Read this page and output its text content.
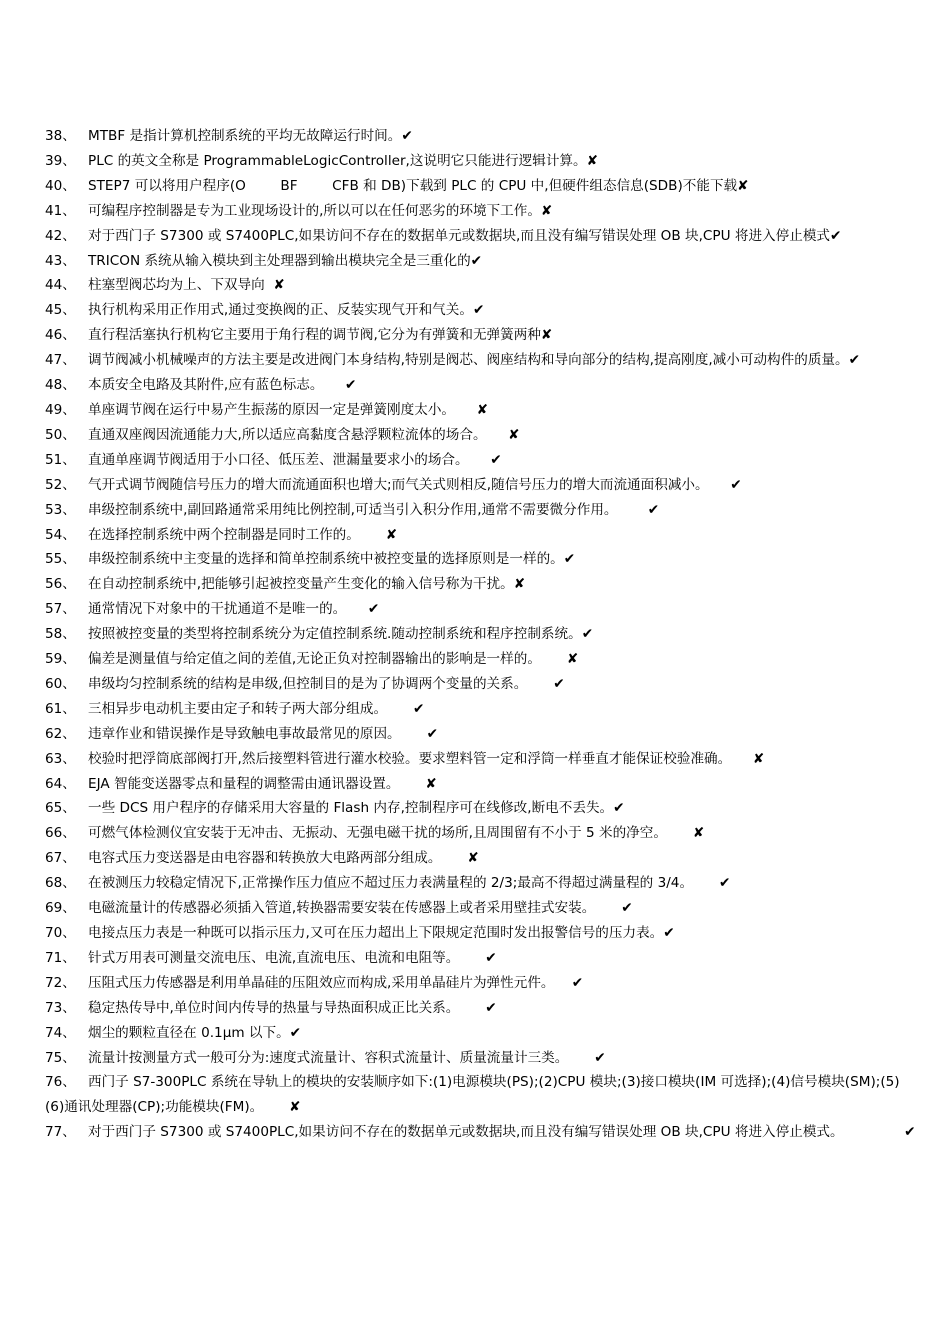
38、 MTBF 是指计算机控制系统的平均无故障运行时间。✔
39、 PLC 的英文全称是 ProgrammableLogicController,这说明它只能进行逻辑计算。✘
40、 STEP7 可以将用户程序(O        BF        CFB 和 DB)下载到 PLC 的 CPU 中,但硬件组态信息(SDB)不能下载✘
41、 可编程序控制器是专为工业现场设计的,所以可以在任何恶劣的环境下工作。✘
42、 对于西门子 S7300 或 S7400PLC,如果访问不存在的数据单元或数据块,而且没有编写错误处理 OB 块,CPU 将进入停止模式✔
43、 TRICON 系统从输入模块到主处理器到输出模块完全是三重化的✔
44、 柱塞型阀芯均为上、下双导向  ✘
45、 执行机构采用正作用式,通过变换阀的正、反装实现气开和气关。✔
46、 直行程活塞执行机构它主要用于角行程的调节阀,它分为有弹簧和无弹簧两种✘
47、 调节阀减小机械噪声的方法主要是改进阀门本身结构,特别是阀芯、阀座结构和导向部分的结构,提高刚度,减小可动构件的质量。✔
48、 本质安全电路及其附件,应有蓝色标志。     ✔
49、 单座调节阀在运行中易产生振荡的原因一定是弹簧刚度太小。     ✘
50、 直通双座阀因流通能力大,所以适应高黏度含悬浮颗粒流体的场合。     ✘
51、 直通单座调节阀适用于小口径、低压差、泄漏量要求小的场合。     ✔
52、 气开式调节阀随信号压力的增大而流通面积也增大;而气关式则相反,随信号压力的增大而流通面积减小。     ✔
53、 串级控制系统中,副回路通常采用纯比例控制,可适当引入积分作用,通常不需要微分作用。       ✔
54、 在选择控制系统中两个控制器是同时工作的。      ✘
55、 串级控制系统中主变量的选择和简单控制系统中被控变量的选择原则是一样的。✔
56、 在自动控制系统中,把能够引起被控变量产生变化的输入信号称为干扰。✘
57、 通常情况下对象中的干扰通道不是唯一的。     ✔
58、 按照被控变量的类型将控制系统分为定值控制系统.随动控制系统和程序控制系统。✔
59、 偏差是测量值与给定值之间的差值,无论正负对控制器输出的影响是一样的。      ✘
60、 串级均匀控制系统的结构是串级,但控制目的是为了协调两个变量的关系。      ✔
61、 三相异步电动机主要由定子和转子两大部分组成。      ✔
62、 违章作业和错误操作是导致触电事故最常见的原因。      ✔
63、 校验时把浮筒底部阀打开,然后接塑料管进行灌水校验。要求塑料管一定和浮筒一样垂直才能保证校验准确。     ✘
64、 EJA 智能变送器零点和量程的调整需由通讯器设置。      ✘
65、 一些 DCS 用户程序的存储采用大容量的 Flash 内存,控制程序可在线修改,断电不丢失。✔
66、 可燃气体检测仪宜安装于无冲击、无振动、无强电磁干扰的场所,且周围留有不小于 5 米的净空。      ✘
67、 电容式压力变送器是由电容器和转换放大电路两部分组成。      ✘
68、 在被测压力较稳定情况下,正常操作压力值应不超过压力表满量程的 2/3;最高不得超过满量程的 3/4。      ✔
69、 电磁流量计的传感器必须插入管道,转换器需要安装在传感器上或者采用壁挂式安装。      ✔
70、 电接点压力表是一种既可以指示压力,又可在压力超出上下限规定范围时发出报警信号的压力表。✔
71、 针式万用表可测量交流电压、电流,直流电压、电流和电阻等。      ✔
72、 压阻式压力传感器是利用单晶硅的压阻效应而构成,采用单晶硅片为弹性元件。    ✔
73、 稳定热传导中,单位时间内传导的热量与导热面积成正比关系。      ✔
74、 烟尘的颗粒直径在 0.1μm 以下。✔
75、 流量计按测量方式一般可分为:速度式流量计、容积式流量计、质量流量计三类。      ✔
76、 西门子 S7-300PLC 系统在导轨上的模块的安装顺序如下:(1)电源模块(PS);(2)CPU 模块;(3)接口模块(IM 可选择);(4)信号模块(SM);(5)(6)通讯处理器(CP);功能模块(FM)。      ✘
77、 对于西门子 S7300 或 S7400PLC,如果访问不存在的数据单元或数据块,而且没有编写错误处理 OB 块,CPU 将进入停止模式。              ✔
